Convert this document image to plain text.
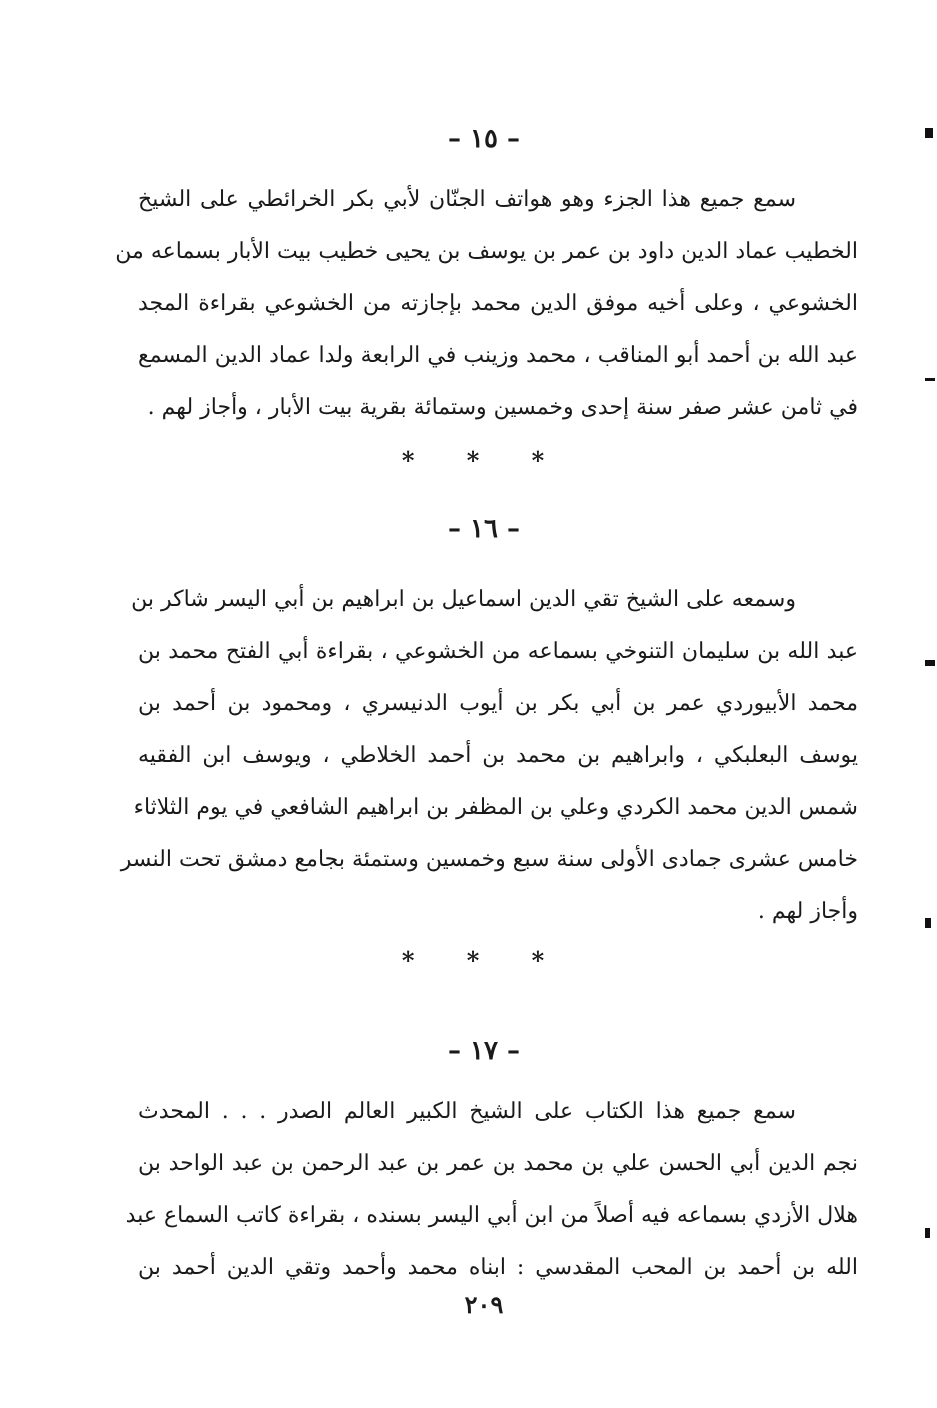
– ١٥ –
سمع جميع هذا الجزء وهو هواتف الجنّان لأبي بكر الخرائطي على الشيخ
الخطيب عماد الدين داود بن عمر بن يوسف بن يحيى خطيب بيت الأبار بسماعه من
الخشوعي ، وعلى أخيه موفق الدين محمد بإجازته من الخشوعي بقراءة المجد
عبد الله بن أحمد أبو المناقب ، محمد وزينب في الرابعة ولدا عماد الدين المسمع
في ثامن عشر صفر سنة إحدى وخمسين وستمائة بقرية بيت الأبار ، وأجاز لهم .
* * *
– ١٦ –
وسمعه على الشيخ تقي الدين اسماعيل بن ابراهيم بن أبي اليسر شاكر بن
عبد الله بن سليمان التنوخي بسماعه من الخشوعي ، بقراءة أبي الفتح محمد بن
محمد الأبيوردي عمر بن أبي بكر بن أيوب الدنيسري ، ومحمود بن أحمد بن
يوسف البعلبكي ، وابراهيم بن محمد بن أحمد الخلاطي ، ويوسف ابن الفقيه
شمس الدين محمد الكردي وعلي بن المظفر بن ابراهيم الشافعي في يوم الثلاثاء
خامس عشرى جمادى الأولى سنة سبع وخمسين وستمئة بجامع دمشق تحت النسر
وأجاز لهم .
* * *
– ١٧ –
سمع جميع هذا الكتاب على الشيخ الكبير العالم الصدر . . . المحدث
نجم الدين أبي الحسن علي بن محمد بن عمر بن عبد الرحمن بن عبد الواحد بن
هلال الأزدي بسماعه فيه أصلاً من ابن أبي اليسر بسنده ، بقراءة كاتب السماع عبد
الله بن أحمد بن المحب المقدسي : ابناه محمد وأحمد وتقي الدين أحمد بن
٢٠٩
